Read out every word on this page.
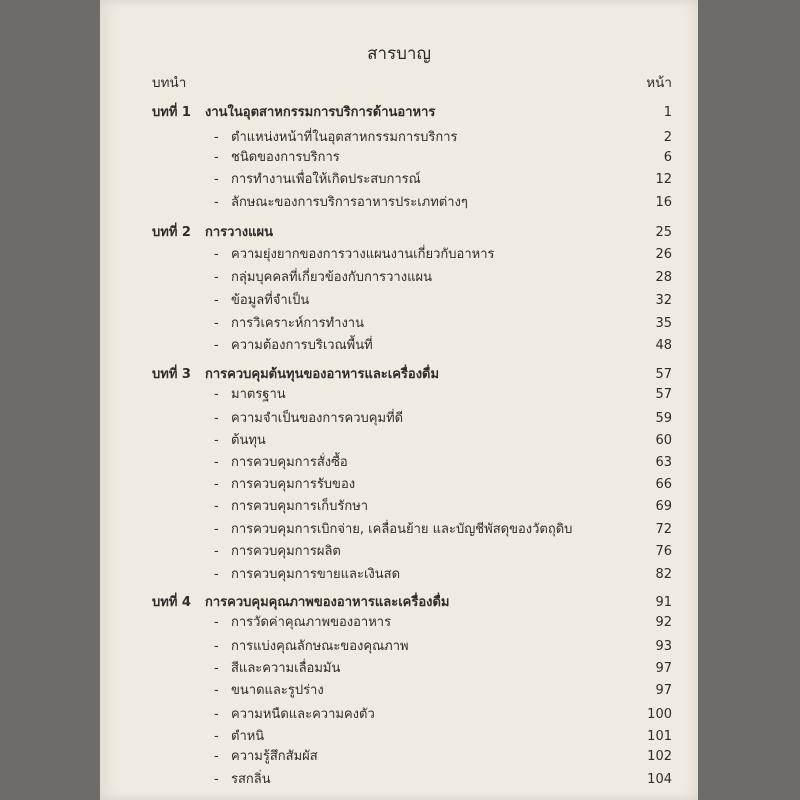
สารบาญ
บทนำ	หน้า
บทที่ 1 งานในอุตสาหกรรมการบริการด้านอาหาร	1
- ตำแหน่งหน้าที่ในอุตสาหกรรมการบริการ	2
- ชนิดของการบริการ	6
- การทำงานเพื่อให้เกิดประสบการณ์	12
- ลักษณะของการบริการอาหารประเภทต่างๆ	16
บทที่ 2 การวางแผน	25
- ความยุ่งยากของการวางแผนงานเกี่ยวกับอาหาร	26
- กลุ่มบุคคลที่เกี่ยวข้องกับการวางแผน	28
- ข้อมูลที่จำเป็น	32
- การวิเคราะห์การทำงาน	35
- ความต้องการบริเวณพื้นที่	48
บทที่ 3 การควบคุมต้นทุนของอาหารและเครื่องดื่ม	57
- มาตรฐาน	57
- ความจำเป็นของการควบคุมที่ดี	59
- ต้นทุน	60
- การควบคุมการสั่งซื้อ	63
- การควบคุมการรับของ	66
- การควบคุมการเก็บรักษา	69
- การควบคุมการเบิกจ่าย, เคลื่อนย้าย และบัญชีพัสดุของวัตถุดิบ	72
- การควบคุมการผลิต	76
- การควบคุมการขายและเงินสด	82
บทที่ 4 การควบคุมคุณภาพของอาหารและเครื่องดื่ม	91
- การวัดค่าคุณภาพของอาหาร	92
- การแบ่งคุณลักษณะของคุณภาพ	93
- สีและความเลื่อมมัน	97
- ขนาดและรูปร่าง	97
- ความหนืดและความคงตัว	100
- ตำหนิ	101
- ความรู้สึกสัมผัส	102
- รสกลิ่น	104
